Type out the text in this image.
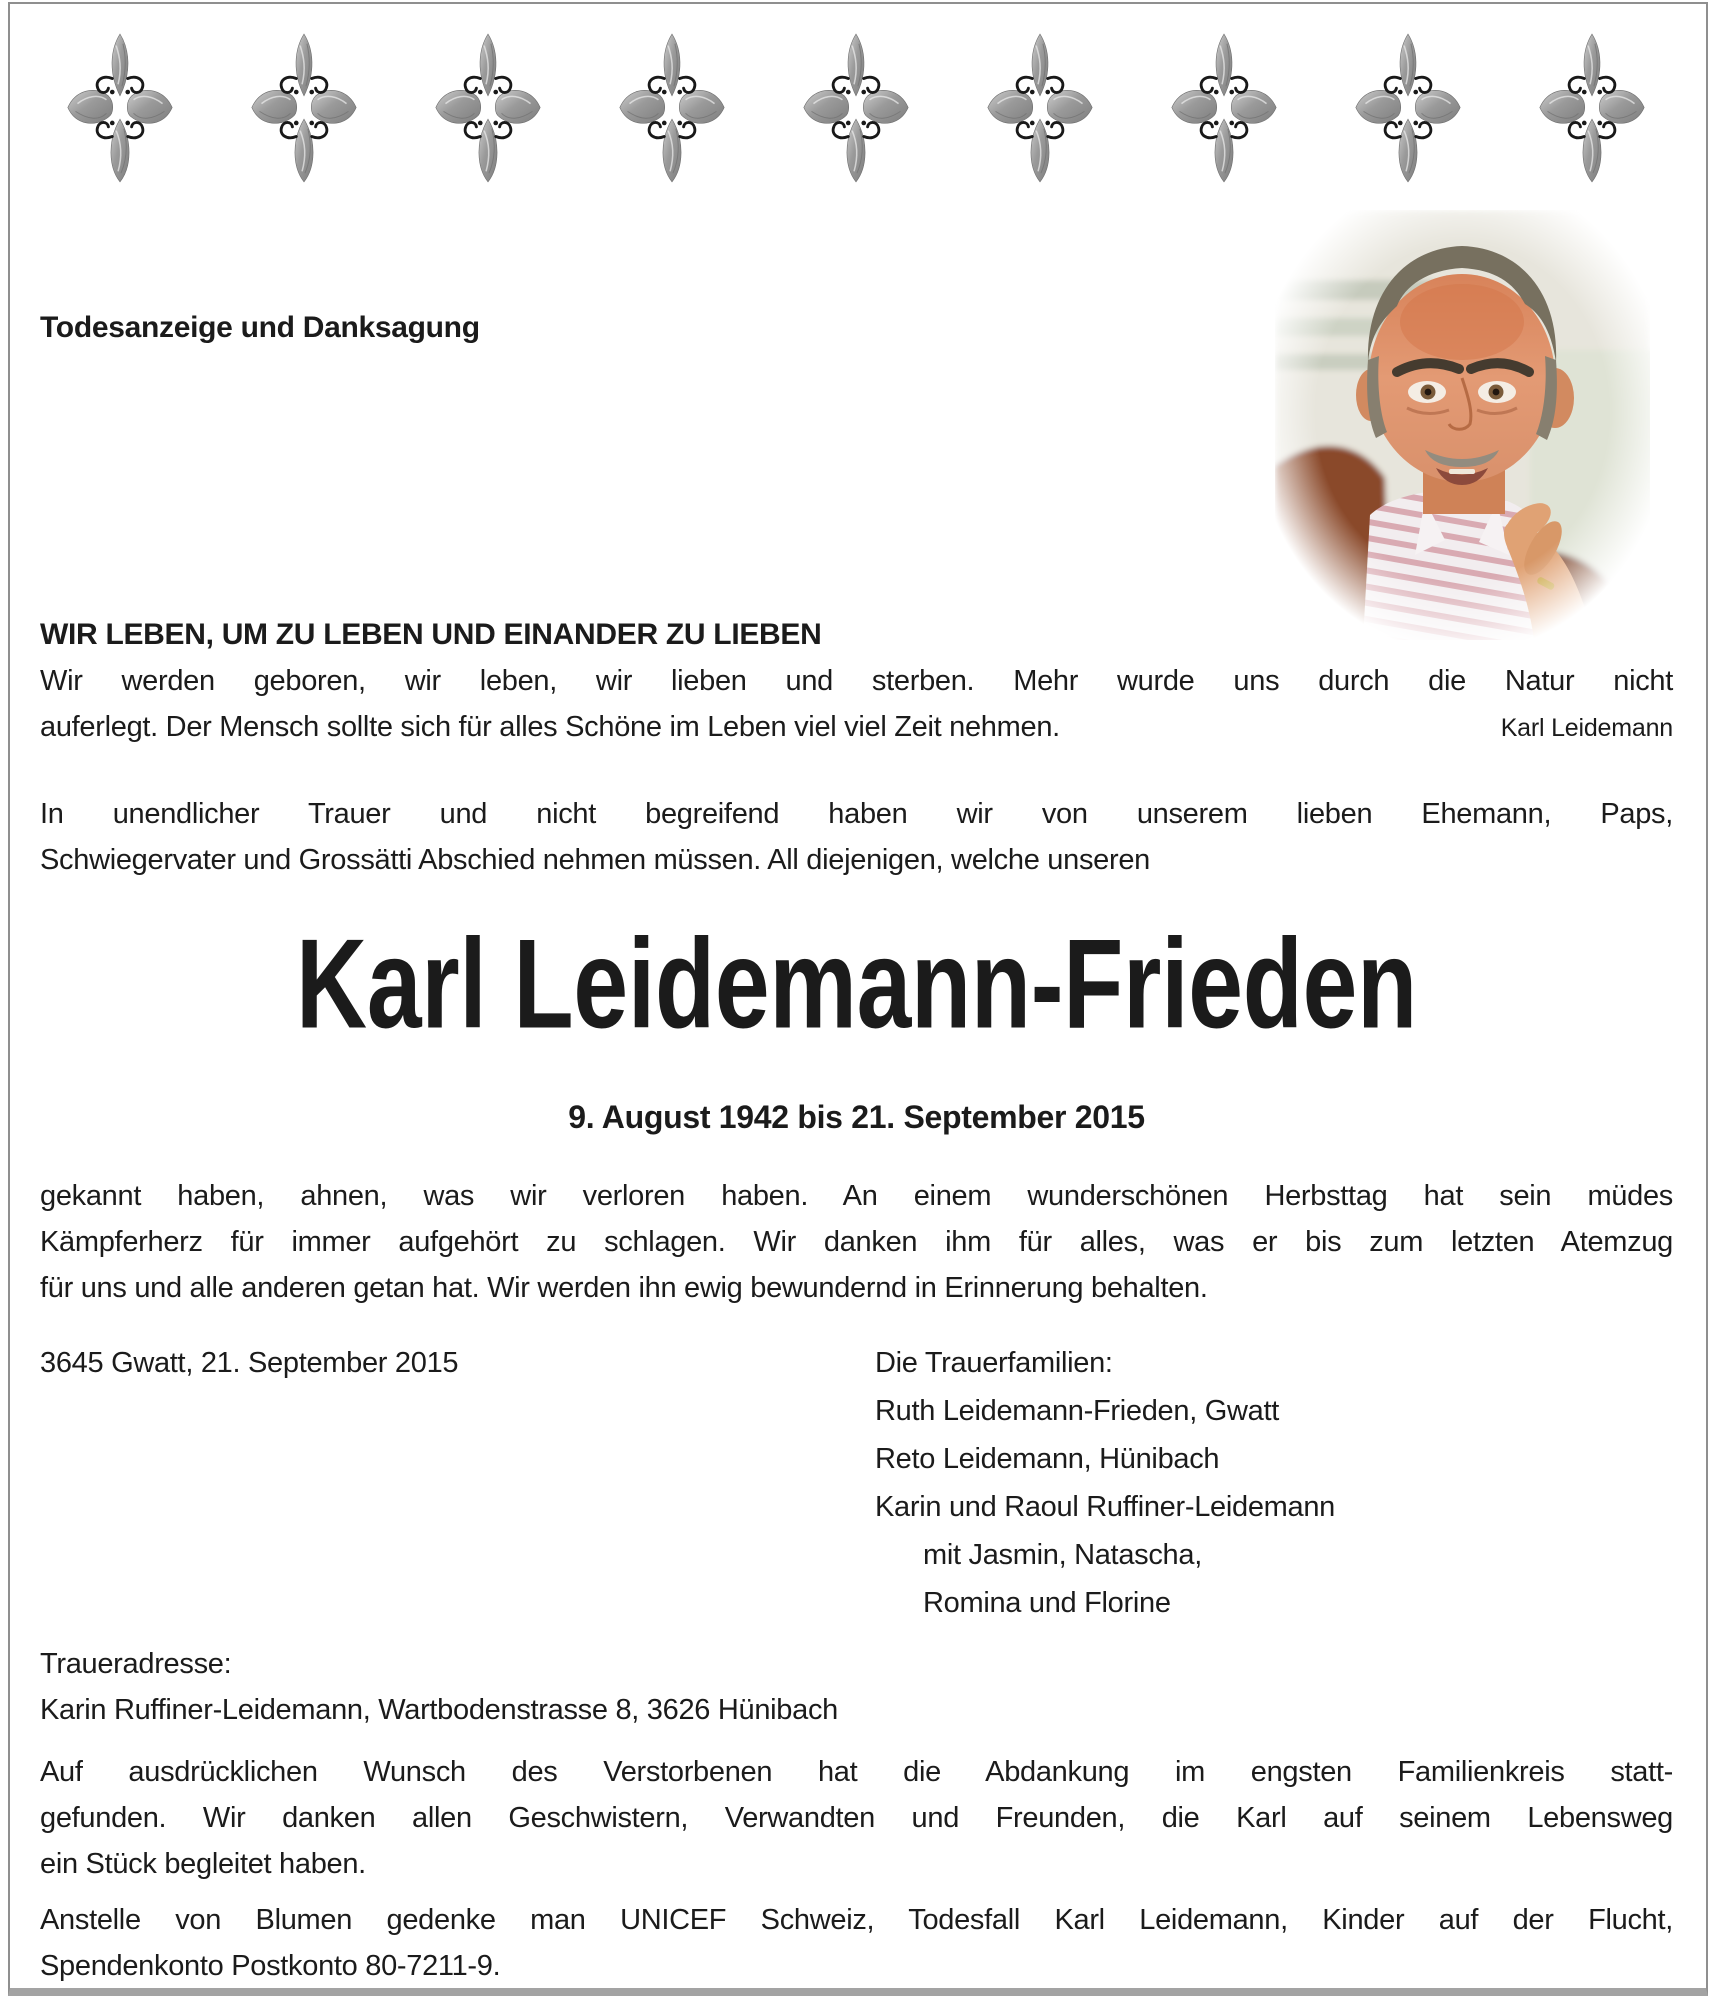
Todesanzeige und Danksagung
WIR LEBEN, UM ZU LEBEN UND EINANDER ZU LIEBEN
Wir werden geboren, wir leben, wir lieben und sterben. Mehr wurde uns durch die Natur nicht
auferlegt. Der Mensch sollte sich für alles Schöne im Leben viel viel Zeit nehmen.	Karl Leidemann
In unendlicher Trauer und nicht begreifend haben wir von unserem lieben Ehemann, Paps,
Schwiegervater und Grossätti Abschied nehmen müssen. All diejenigen, welche unseren
Karl Leidemann-Frieden
9. August 1942 bis 21. September 2015
gekannt haben, ahnen, was wir verloren haben. An einem wunderschönen Herbsttag hat sein müdes
Kämpferherz für immer aufgehört zu schlagen. Wir danken ihm für alles, was er bis zum letzten Atemzug
für uns und alle anderen getan hat. Wir werden ihn ewig bewundernd in Erinnerung behalten.
3645 Gwatt, 21. September 2015	Die Trauerfamilien:
Ruth Leidemann-Frieden, Gwatt
Reto Leidemann, Hünibach
Karin und Raoul Ruffiner-Leidemann
mit Jasmin, Natascha,
Romina und Florine
Traueradresse:
Karin Ruffiner-Leidemann, Wartbodenstrasse 8, 3626 Hünibach
Auf ausdrücklichen Wunsch des Verstorbenen hat die Abdankung im engsten Familienkreis statt-
gefunden. Wir danken allen Geschwistern, Verwandten und Freunden, die Karl auf seinem Lebensweg
ein Stück begleitet haben.
Anstelle von Blumen gedenke man UNICEF Schweiz, Todesfall Karl Leidemann, Kinder auf der Flucht,
Spendenkonto Postkonto 80-7211-9.
